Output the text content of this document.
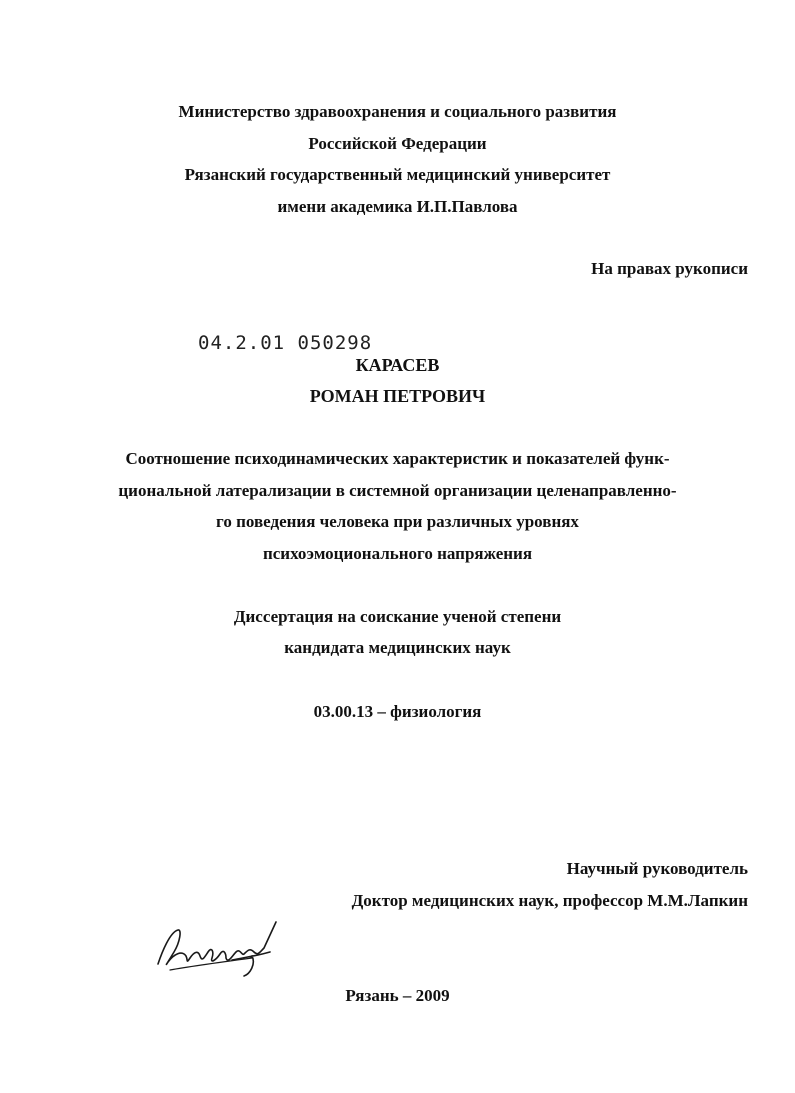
Министерство здравоохранения и социального развития
Российской Федерации
Рязанский государственный медицинский университет
имени академика И.П.Павлова
На правах рукописи
04.2.01 050298
КАРАСЕВ
РОМАН ПЕТРОВИЧ
Соотношение психодинамических характеристик и показателей функ-
циональной латерализации в системной организации целенаправленно-
го поведения человека при различных уровнях
психоэмоционального напряжения
Диссертация на соискание ученой степени
кандидата медицинских наук
03.00.13 – физиология
Научный руководитель
Доктор медицинских наук, профессор М.М.Лапкин
Рязань – 2009
